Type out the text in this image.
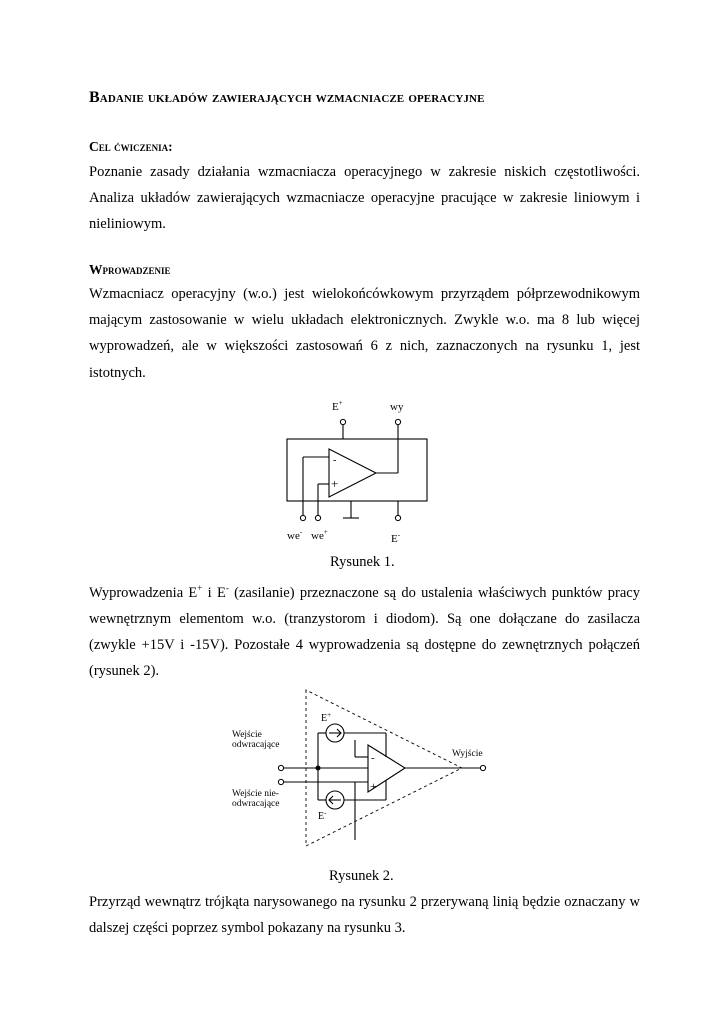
Badanie układów zawierających wzmacniacze operacyjne
Cel ćwiczenia:

Poznanie zasady działania wzmacniacza operacyjnego w zakresie niskich częstotliwości. Analiza układów zawierających wzmacniacze operacyjne pracujące w zakresie liniowym i nieliniowym.

Wprowadzenie

Wzmacniacz operacyjny (w.o.) jest wielokońcówkowym przyrządem półprzewodnikowym mającym zastosowanie w wielu układach elektronicznych. Zwykle w.o. ma 8 lub więcej wyprowadzeń, ale w większości zastosowań 6 z nich, zaznaczonych na rysunku 1, jest istotnych.

E+	wy
-
+
we- we+
E-
Rysunek 1.

Wyprowadzenia E+ i E- (zasilanie) przeznaczone są do ustalenia właściwych punktów pracy wewnętrznym elementom w.o. (tranzystorom i diodom). Są one dołączane do zasilacza (zwykle +15V i -15V). Pozostałe 4 wyprowadzenia są dostępne do zewnętrznych połączeń (rysunek 2).

-
+
E+
E-
Wejście
odwracające
Wejście nie-
odwracające
Wyjście
Rysunek 2.

Przyrząd wewnątrz trójkąta narysowanego na rysunku 2 przerywaną linią będzie oznaczany w dalszej części poprzez symbol pokazany na rysunku 3.
